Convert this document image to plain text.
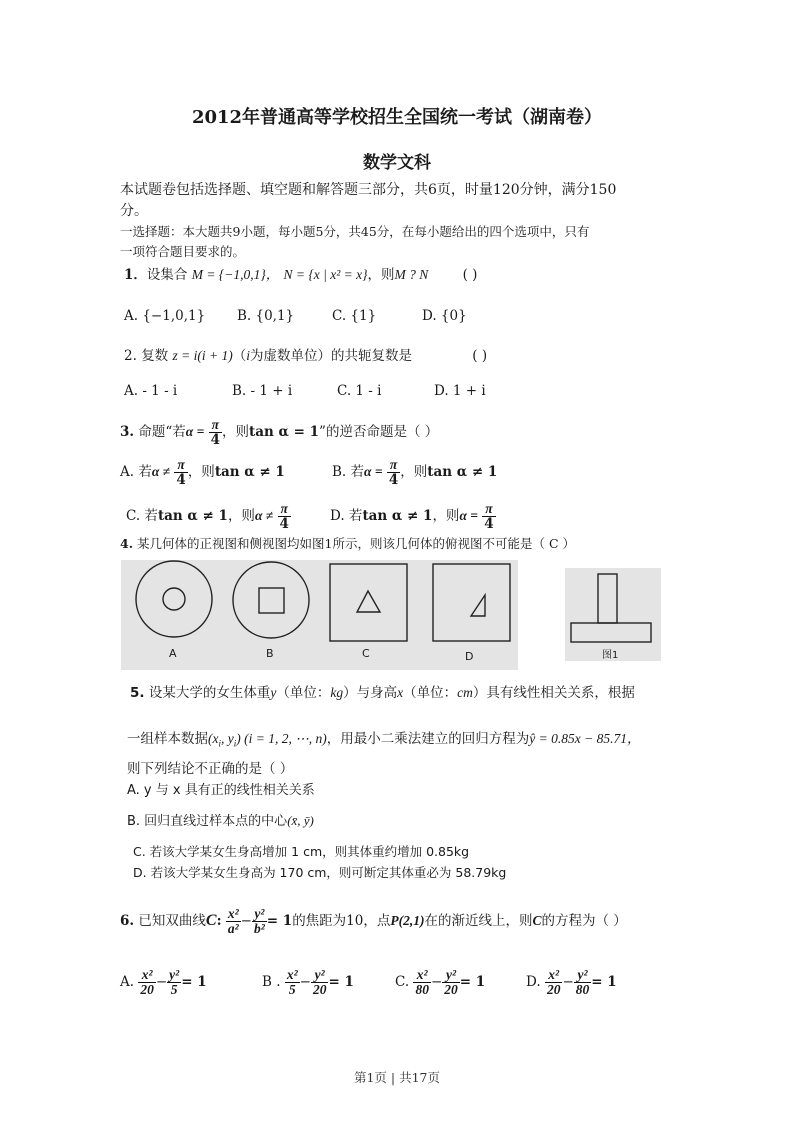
2012年普通高等学校招生全国统一考试（湖南卷）
数学文科
本试题卷包括选择题、填空题和解答题三部分，共6页，时量120分钟，满分150
分。
一选择题：本大题共9小题，每小题5分，共45分，在每小题给出的四个选项中，只有
一项符合题目要求的。
1．设集合 M = {−1,0,1}， N = {x | x² = x}，则M ? N	( )
A. {−1,0,1} B. {0,1}	C. {1}	D. {0}
2. 复数 z = i(i + 1)（i为虚数单位）的共轭复数是	( )
A. - 1 - i	B. - 1 + i	C. 1 - i	D. 1 + i
3. 命题“若$\alpha = \frac{\pi}{4}$ ，则tan α = 1”的逆否命题是（ ）
A. 若$\alpha \ne \frac{\pi}{4}$ ，则tan α ≠ 1	B. 若$\alpha = \frac{\pi}{4}$ ，则tan α ≠ 1
C. 若tan α ≠ 1，则$\alpha \ne \frac{\pi}{4}$	D. 若tan α ≠ 1，则$\alpha = \frac{\pi}{4}$
4. 某几何体的正视图和侧视图均如图1所示，则该几何体的俯视图不可能是（ C ）
A	B	C	D	图1
5. 设某大学的女生体重y（单位：kg）与身高x（单位：cm）具有线性相关关系，根据
一组样本数据($x_i$, $y_i$) (i = 1, 2, ⋯, n)，用最小二乘法建立的回归方程为ŷ = 0.85x − 85.71，
则下列结论不正确的是（ ）
A. y 与 x 具有正的线性相关关系
B. 回归直线过样本点的中心(x̄, ȳ)
C. 若该大学某女生身高增加 1 cm，则其体重约增加 0.85kg
D. 若该大学某女生身高为 170 cm，则可断定其体重必为 58.79kg
6. 已知双曲线C: $\frac{\text{x²}}{\text{a²}} - \frac{\text{y²}}{\text{b²}} = 1$的焦距为10，点P(2,1)在的渐近线上，则C的方程为（ ）
A. $\frac{\text{x²}}{20} - \frac{\text{y²}}{5} = 1$	B . $\frac{\text{x²}}{5} - \frac{\text{y²}}{20} = 1$	C. $\frac{\text{x²}}{80} - \frac{\text{y²}}{20} = 1$	D. $\frac{\text{x²}}{20} - \frac{\text{y²}}{80} = 1$
第1页 | 共17页
